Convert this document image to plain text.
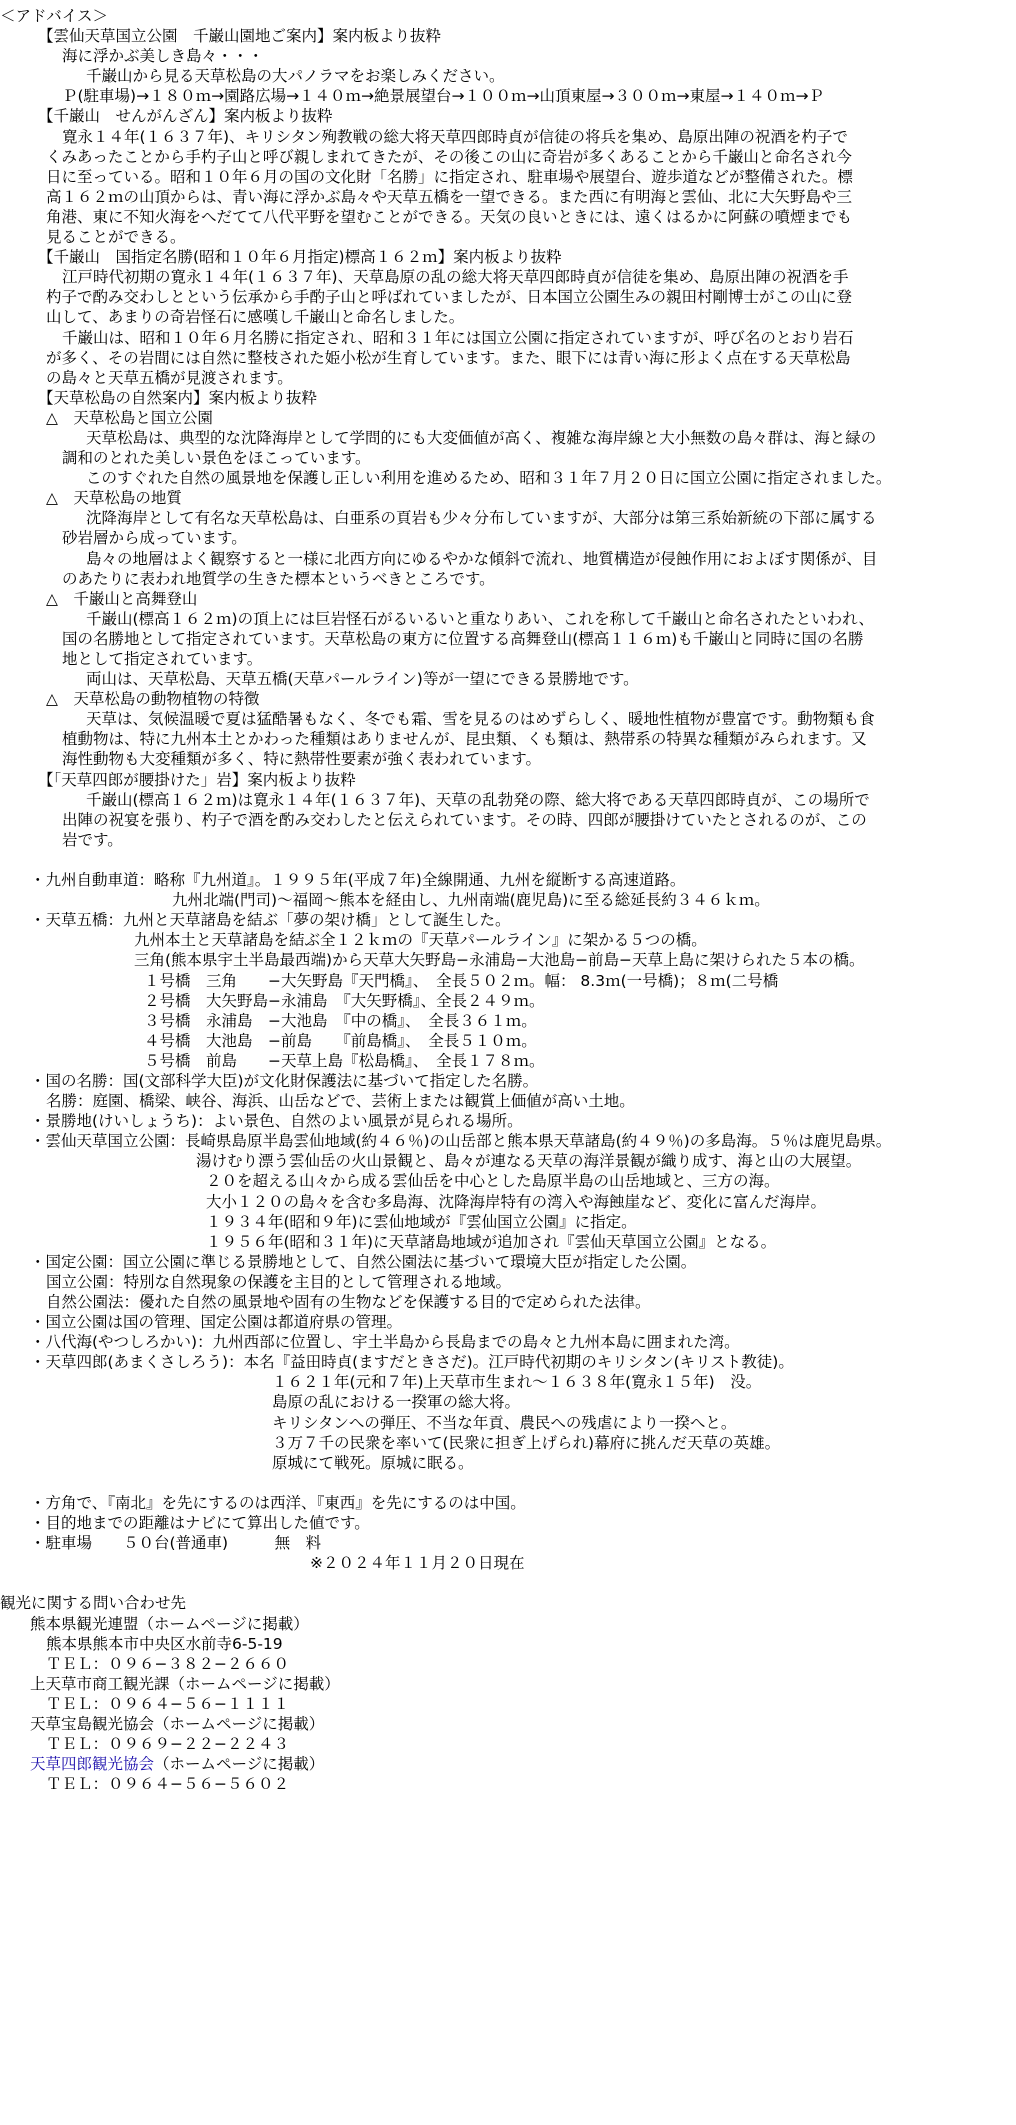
＜アドバイス＞
【雲仙天草国立公園　千巌山園地ご案内】案内板より抜粋
海に浮かぶ美しき島々・・・
千巌山から見る天草松島の大パノラマをお楽しみください。
Ｐ(駐車場)→１８０ｍ→園路広場→１４０ｍ→絶景展望台→１００ｍ→山頂東屋→３００ｍ→東屋→１４０ｍ→Ｐ
【千巌山　せんがんざん】案内板より抜粋
寛永１４年(１６３７年)、キリシタン殉教戦の総大将天草四郎時貞が信徒の将兵を集め、島原出陣の祝酒を杓子で
くみあったことから手杓子山と呼び親しまれてきたが、その後この山に奇岩が多くあることから千巌山と命名され今
日に至っている。昭和１０年６月の国の文化財「名勝」に指定され、駐車場や展望台、遊歩道などが整備された。標
高１６２ｍの山頂からは、青い海に浮かぶ島々や天草五橋を一望できる。また西に有明海と雲仙、北に大矢野島や三
角港、東に不知火海をへだてて八代平野を望むことができる。天気の良いときには、遠くはるかに阿蘇の噴煙までも
見ることができる。
【千巌山　国指定名勝(昭和１０年６月指定)標高１６２ｍ】案内板より抜粋
江戸時代初期の寛永１４年(１６３７年)、天草島原の乱の総大将天草四郎時貞が信徒を集め、島原出陣の祝酒を手
杓子で酌み交わしとという伝承から手酌子山と呼ばれていましたが、日本国立公園生みの親田村剛博士がこの山に登
山して、あまりの奇岩怪石に感嘆し千巌山と命名しました。
千巌山は、昭和１０年６月名勝に指定され、昭和３１年には国立公園に指定されていますが、呼び名のとおり岩石
が多く、その岩間には自然に整枝された姫小松が生育しています。また、眼下には青い海に形よく点在する天草松島
の島々と天草五橋が見渡されます。
【天草松島の自然案内】案内板より抜粋
△　天草松島と国立公園
天草松島は、典型的な沈降海岸として学問的にも大変価値が高く、複雑な海岸線と大小無数の島々群は、海と緑の
調和のとれた美しい景色をほこっています。
このすぐれた自然の風景地を保護し正しい利用を進めるため、昭和３１年７月２０日に国立公園に指定されました。
△　天草松島の地質
沈降海岸として有名な天草松島は、白亜系の頁岩も少々分布していますが、大部分は第三系始新統の下部に属する
砂岩層から成っています。
島々の地層はよく観察すると一様に北西方向にゆるやかな傾斜で流れ、地質構造が侵蝕作用におよぼす関係が、目
のあたりに表われ地質学の生きた標本というべきところです。
△　千巌山と高舞登山
千巌山(標高１６２ｍ)の頂上には巨岩怪石がるいるいと重なりあい、これを称して千巌山と命名されたといわれ、
国の名勝地として指定されています。天草松島の東方に位置する高舞登山(標高１１６ｍ)も千巌山と同時に国の名勝
地として指定されています。
両山は、天草松島、天草五橋(天草パールライン)等が一望にできる景勝地です。
△　天草松島の動物植物の特徴
天草は、気候温暖で夏は猛酷暑もなく、冬でも霜、雪を見るのはめずらしく、暖地性植物が豊富です。動物類も食
植動物は、特に九州本土とかわった種類はありませんが、昆虫類、くも類は、熱帯系の特異な種類がみられます。又
海性動物も大変種類が多く、特に熱帯性要素が強く表われています。
【「天草四郎が腰掛けた」岩】案内板より抜粋
千巌山(標高１６２ｍ)は寛永１４年(１６３７年)、天草の乱勃発の際、総大将である天草四郎時貞が、この場所で
出陣の祝宴を張り、杓子で酒を酌み交わしたと伝えられています。その時、四郎が腰掛けていたとされるのが、この
岩です。
・九州自動車道：略称『九州道』。１９９５年(平成７年)全線開通、九州を縦断する高速道路。
九州北端(門司)〜福岡〜熊本を経由し、九州南端(鹿児島)に至る総延長約３４６ｋｍ。
・天草五橋：九州と天草諸島を結ぶ「夢の架け橋」として誕生した。
九州本土と天草諸島を結ぶ全１２ｋｍの『天草パールライン』に架かる５つの橋。
三角(熊本県宇土半島最西端)から天草大矢野島−永浦島−大池島−前島−天草上島に架けられた５本の橋。
１号橋　三角　　−大矢野島『天門橋』、　全長５０２ｍ。幅： 8.3ｍ(一号橋)；８ｍ(二号橋
２号橋　大矢野島−永浦島　『大矢野橋』、全長２４９ｍ。
３号橋　永浦島　−大池島　『中の橋』、　全長３６１ｍ。
４号橋　大池島　−前島　　『前島橋』、　全長５１０ｍ。
５号橋　前島　　−天草上島『松島橋』、　全長１７８ｍ。
・国の名勝：国(文部科学大臣)が文化財保護法に基づいて指定した名勝。
名勝：庭園、橋梁、峡谷、海浜、山岳などで、芸術上または観賞上価値が高い土地。
・景勝地(けいしょうち)：よい景色、自然のよい風景が見られる場所。
・雲仙天草国立公園：長崎県島原半島雲仙地域(約４６％)の山岳部と熊本県天草諸島(約４９％)の多島海。５％は鹿児島県。
湯けむり漂う雲仙岳の火山景観と、島々が連なる天草の海洋景観が織り成す、海と山の大展望。
２０を超える山々から成る雲仙岳を中心とした島原半島の山岳地域と、三方の海。
大小１２０の島々を含む多島海、沈降海岸特有の湾入や海蝕崖など、変化に富んだ海岸。
１９３４年(昭和９年)に雲仙地域が『雲仙国立公園』に指定。
１９５６年(昭和３１年)に天草諸島地域が追加され『雲仙天草国立公園』となる。
・国定公園：国立公園に準じる景勝地として、自然公園法に基づいて環境大臣が指定した公園。
国立公園：特別な自然現象の保護を主目的として管理される地域。
自然公園法：優れた自然の風景地や固有の生物などを保護する目的で定められた法律。
・国立公園は国の管理、国定公園は都道府県の管理。
・八代海(やつしろかい)：九州西部に位置し、宇土半島から長島までの島々と九州本島に囲まれた湾。
・天草四郎(あまくさしろう)：本名『益田時貞(ますだときさだ)。江戸時代初期のキリシタン(キリスト教徒)。
１６２１年(元和７年)上天草市生まれ〜１６３８年(寛永１５年)　没。
島原の乱における一揆軍の総大将。
キリシタンへの弾圧、不当な年貢、農民への残虐により一揆へと。
３万７千の民衆を率いて(民衆に担ぎ上げられ)幕府に挑んだ天草の英雄。
原城にて戦死。原城に眠る。
・方角で、『南北』を先にするのは西洋、『東西』を先にするのは中国。
・目的地までの距離はナビにて算出した値です。
・駐車場　　５０台(普通車)　　　無　料
※２０２４年１１月２０日現在
観光に関する問い合わせ先
熊本県観光連盟（ホームページに掲載）
熊本県熊本市中央区水前寺6-5-19
ＴＥＬ：０９６−３８２−２６６０
上天草市商工観光課（ホームページに掲載）
ＴＥＬ：０９６４−５６−１１１１
天草宝島観光協会（ホームページに掲載）
ＴＥＬ：０９６９−２２−２２４３
天草四郎観光協会（ホームページに掲載）
ＴＥＬ：０９６４−５６−５６０２
